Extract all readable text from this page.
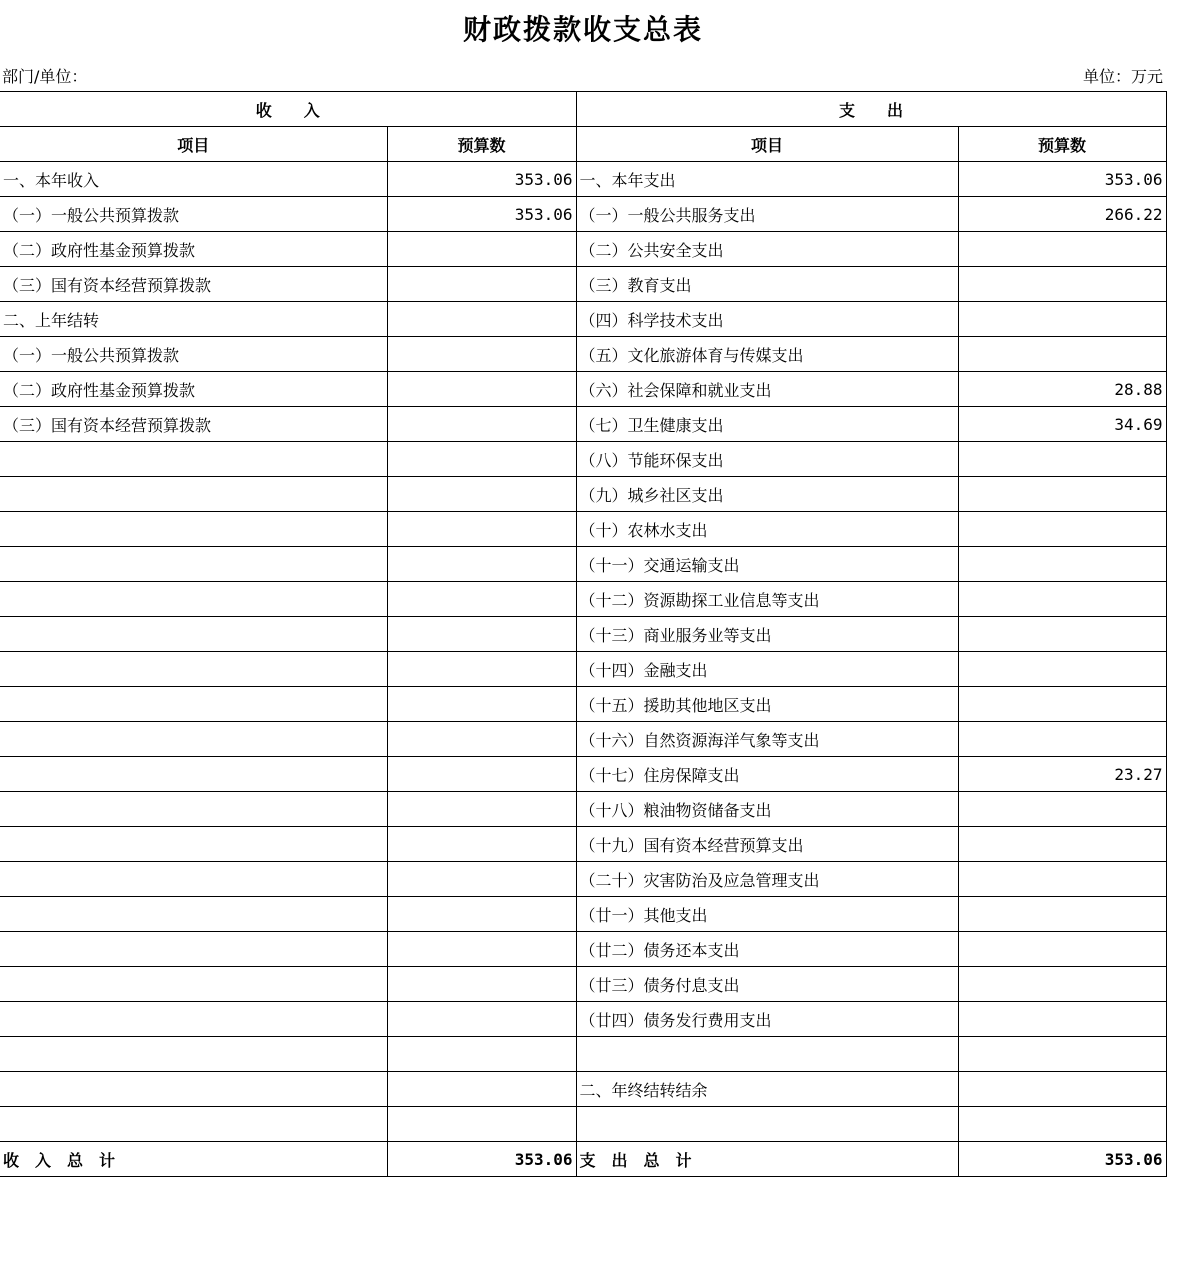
财政拨款收支总表
部门/单位：	单位：万元
收　　入		支　　出	
项目	预算数	项目	预算数
一、本年收入	353.06	一、本年支出	353.06
（一）一般公共预算拨款	353.06	（一）一般公共服务支出	266.22
（二）政府性基金预算拨款		（二）公共安全支出	
（三）国有资本经营预算拨款		（三）教育支出	
二、上年结转		（四）科学技术支出	
（一）一般公共预算拨款		（五）文化旅游体育与传媒支出	
（二）政府性基金预算拨款		（六）社会保障和就业支出	28.88
（三）国有资本经营预算拨款		（七）卫生健康支出	34.69
		（八）节能环保支出	
		（九）城乡社区支出	
		（十）农林水支出	
		（十一）交通运输支出	
		（十二）资源勘探工业信息等支出	
		（十三）商业服务业等支出	
		（十四）金融支出	
		（十五）援助其他地区支出	
		（十六）自然资源海洋气象等支出	
		（十七）住房保障支出	23.27
		（十八）粮油物资储备支出	
		（十九）国有资本经营预算支出	
		（二十）灾害防治及应急管理支出	
		（廿一）其他支出	
		（廿二）债务还本支出	
		（廿三）债务付息支出	
		（廿四）债务发行费用支出	

		二、年终结转结余	

收　入　总　计	353.06	支　出　总　计	353.06
